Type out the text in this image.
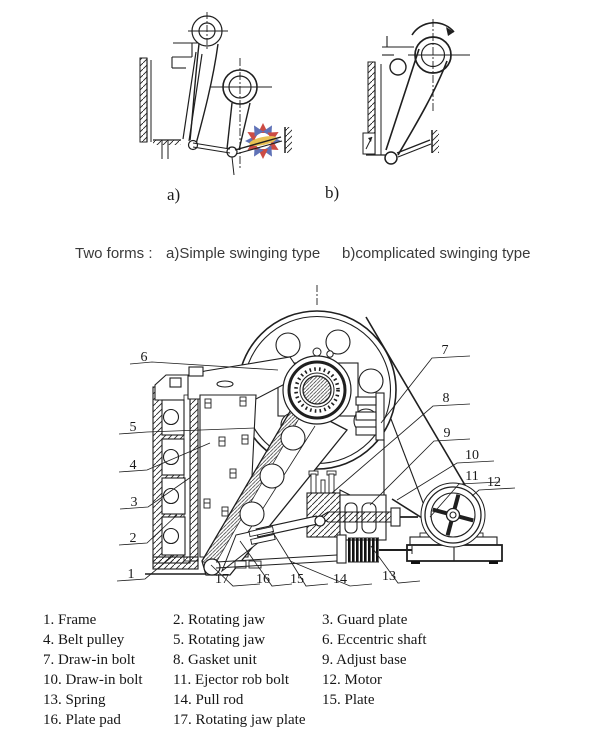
a)	b)
Two forms : a)Simple swinging type b)complicated swinging type
6
5
4
3
2
1
7
8
9
10
11 12
13
14
15
16
17
1. Frame	2. Rotating jaw	3. Guard plate
4. Belt pulley	5. Rotating jaw	6. Eccentric shaft
7. Draw-in bolt	8. Gasket unit	9. Adjust base
10. Draw-in bolt	11. Ejector rob bolt	12. Motor
13. Spring	14. Pull rod	15. Plate
16. Plate pad	17. Rotating jaw plate
